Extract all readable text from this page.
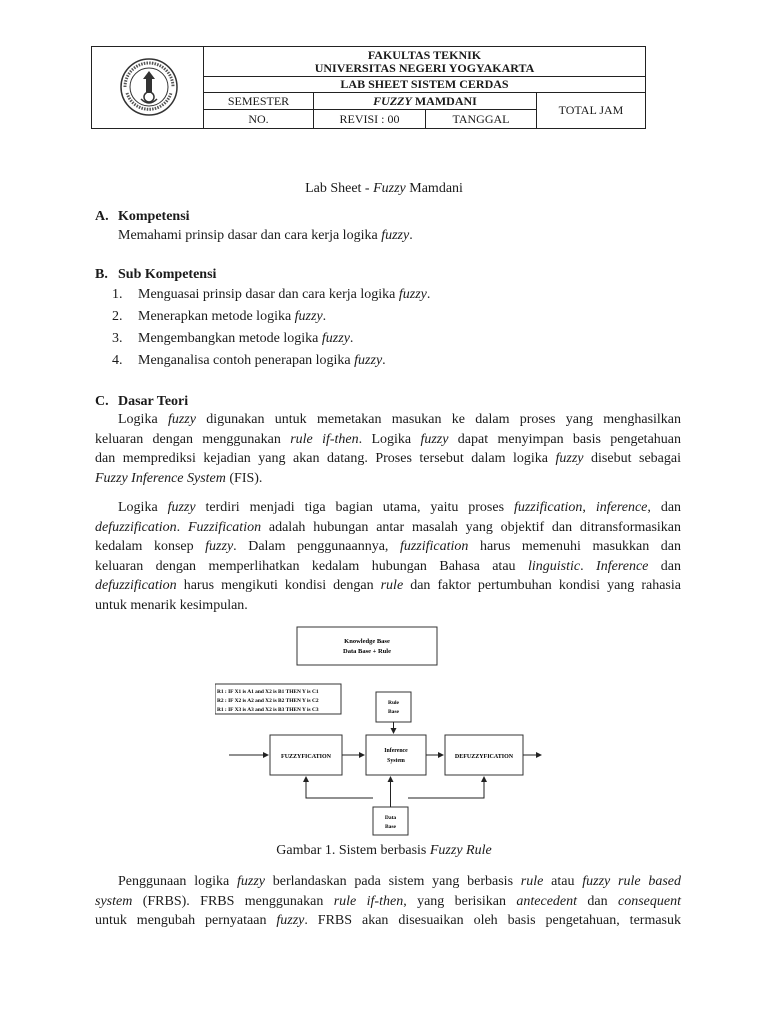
FAKULTAS TEKNIK
UNIVERSITAS NEGERI YOGYAKARTA
LAB SHEET SISTEM CERDAS
SEMESTER	FUZZY MAMDANI
TOTAL JAM
NO.	REVISI : 00	TANGGAL
Lab Sheet - Fuzzy Mamdani
A. Kompetensi
Memahami prinsip dasar dan cara kerja logika fuzzy.
B. Sub Kompetensi
1. Menguasai prinsip dasar dan cara kerja logika fuzzy.
2. Menerapkan metode logika fuzzy.
3. Mengembangkan metode logika fuzzy.
4. Menganalisa contoh penerapan logika fuzzy.
C. Dasar Teori
Logika fuzzy digunakan untuk memetakan masukan ke dalam proses yang menghasilkan
keluaran dengan menggunakan rule if-then. Logika fuzzy dapat menyimpan basis pengetahuan
dan memprediksi kejadian yang akan datang. Proses tersebut dalam logika fuzzy disebut sebagai
Fuzzy Inference System (FIS).
Logika fuzzy terdiri menjadi tiga bagian utama, yaitu proses fuzzification, inference, dan
defuzzification. Fuzzification adalah hubungan antar masalah yang objektif dan ditransformasikan
kedalam konsep fuzzy. Dalam penggunaannya, fuzzification harus memenuhi masukkan dan
keluaran dengan memperlihatkan kedalam hubungan Bahasa atau linguistic. Inference dan
defuzzification harus mengikuti kondisi dengan rule dan faktor pertumbuhan kondisi yang rahasia
untuk menarik kesimpulan.
Knowledge Base
Data Base + Rule
R1 : IF X1 is A1 and X2 is B1 THEN Y is C1
R2 : IF X2 is A2 and X2 is B2 THEN Y is C2
R1 : IF X3 is A3 and X2 is B3 THEN Y is C3
Rule
Base
FUZZYFICATION
Inference
System
DEFUZZYFICATION
Data
Base
Gambar 1. Sistem berbasis Fuzzy Rule
Penggunaan logika fuzzy berlandaskan pada sistem yang berbasis rule atau fuzzy rule based
system (FRBS). FRBS menggunakan rule if-then, yang berisikan antecedent dan consequent
untuk mengubah pernyataan fuzzy. FRBS akan disesuaikan oleh basis pengetahuan, termasuk
